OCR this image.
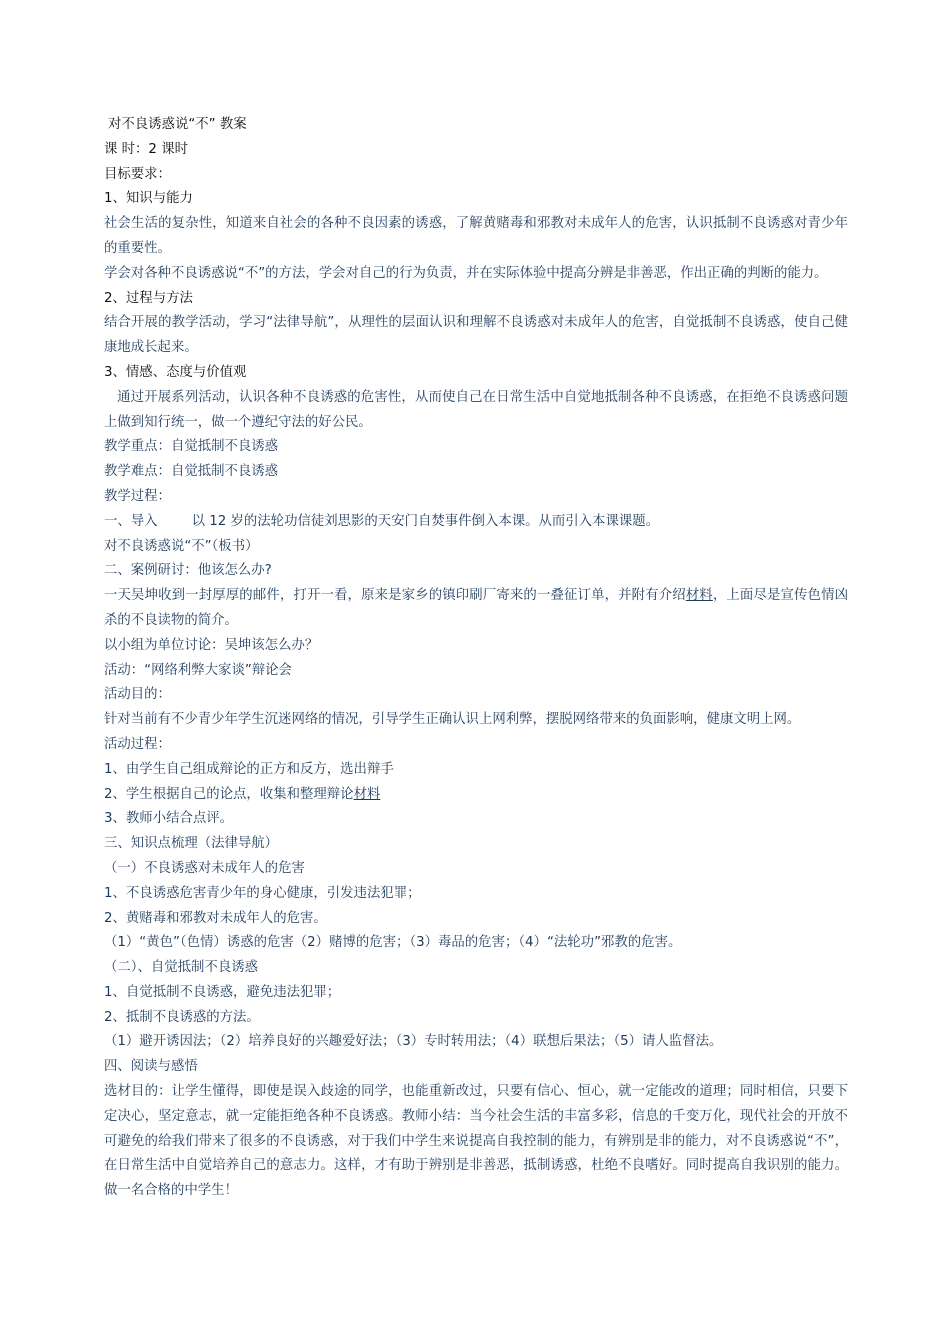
对不良诱惑说“不” 教案
课 时：2 课时
目标要求：
1、知识与能力
社会生活的复杂性，知道来自社会的各种不良因素的诱惑，了解黄赌毒和邪教对未成年人的危害，认识抵制不良诱惑对青少年的重要性。
学会对各种不良诱惑说“不”的方法，学会对自己的行为负责，并在实际体验中提高分辨是非善恶，作出正确的判断的能力。
2、过程与方法
结合开展的教学活动，学习“法律导航”，从理性的层面认识和理解不良诱惑对未成年人的危害，自觉抵制不良诱惑，使自己健康地成长起来。
3、情感、态度与价值观
通过开展系列活动，认识各种不良诱惑的危害性，从而使自己在日常生活中自觉地抵制各种不良诱惑，在拒绝不良诱惑问题上做到知行统一，做一个遵纪守法的好公民。
教学重点：自觉抵制不良诱惑
教学难点：自觉抵制不良诱惑
教学过程：
一、导入	以 12 岁的法轮功信徒刘思影的天安门自焚事件倒入本课。从而引入本课课题。
对不良诱惑说“不”（板书）
二、案例研讨：他该怎么办?
一天吴坤收到一封厚厚的邮件，打开一看，原来是家乡的镇印刷厂寄来的一叠征订单，并附有介绍材料，上面尽是宣传色情凶杀的不良读物的简介。
以小组为单位讨论：吴坤该怎么办？
活动：“网络利弊大家谈”辩论会
活动目的：
针对当前有不少青少年学生沉迷网络的情况，引导学生正确认识上网利弊，摆脱网络带来的负面影响，健康文明上网。
活动过程：
1、由学生自己组成辩论的正方和反方，选出辩手
2、学生根据自己的论点，收集和整理辩论材料
3、教师小结合点评。
三、知识点梳理（法律导航）
（一）不良诱惑对未成年人的危害
1、不良诱惑危害青少年的身心健康，引发违法犯罪；
2、黄赌毒和邪教对未成年人的危害。
（1）“黄色”（色情）诱惑的危害（2）赌博的危害；（3）毒品的危害；（4）“法轮功”邪教的危害。
（二）、自觉抵制不良诱惑
1、自觉抵制不良诱惑，避免违法犯罪；
2、抵制不良诱惑的方法。
（1）避开诱因法；（2）培养良好的兴趣爱好法；（3）专时转用法；（4）联想后果法；（5）请人监督法。
四、阅读与感悟
选材目的：让学生懂得，即使是误入歧途的同学，也能重新改过，只要有信心、恒心，就一定能改的道理；同时相信，只要下定决心，坚定意志，就一定能拒绝各种不良诱惑。教师小结：当今社会生活的丰富多彩，信息的千变万化，现代社会的开放不可避免的给我们带来了很多的不良诱惑，对于我们中学生来说提高自我控制的能力，有辨别是非的能力，对不良诱惑说“不”，在日常生活中自觉培养自己的意志力。这样，才有助于辨别是非善恶，抵制诱惑，杜绝不良嗜好。同时提高自我识别的能力。做一名合格的中学生！
